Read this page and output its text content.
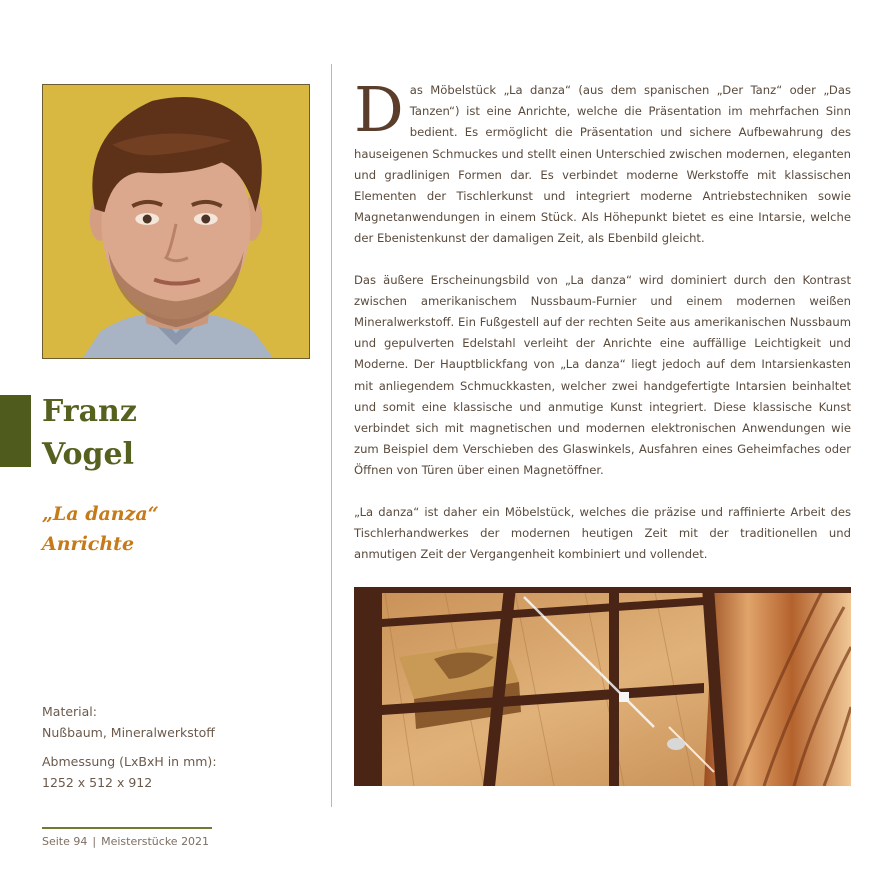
Franz
Vogel
„La danza“
Anrichte
Material:
Nußbaum, Mineralwerkstoff
Abmessung (LxBxH in mm):
1252 x 512 x 912
Seite 94 | Meisterstücke 2021

Das Möbelstück „La danza“ (aus dem spanischen „Der Tanz“ oder „Das Tanzen“) ist eine Anrichte, welche die Präsentation im mehrfachen Sinn bedient. Es ermöglicht die Präsentation und sichere Aufbewahrung des hauseigenen Schmuckes und stellt einen Unterschied zwischen modernen, eleganten und gradlinigen Formen dar. Es verbindet moderne Werkstoffe mit klassischen Elementen der Tischlerkunst und integriert moderne Antriebstechniken sowie Magnetanwendungen in einem Stück. Als Höhepunkt bietet es eine Intarsie, welche der Ebenistenkunst der damaligen Zeit, als Ebenbild gleicht.

Das äußere Erscheinungsbild von „La danza“ wird dominiert durch den Kontrast zwischen amerikanischem Nussbaum-Furnier und einem modernen weißen Mineralwerkstoff. Ein Fußgestell auf der rechten Seite aus amerikanischen Nussbaum und gepulverten Edelstahl verleiht der Anrichte eine auffällige Leichtigkeit und Moderne. Der Hauptblickfang von „La danza“ liegt jedoch auf dem Intarsienkasten mit anliegendem Schmuckkasten, welcher zwei handgefertigte Intarsien beinhaltet und somit eine klassische und anmutige Kunst integriert. Diese klassische Kunst verbindet sich mit magnetischen und modernen elektronischen Anwendungen wie zum Beispiel dem Verschieben des Glaswinkels, Ausfahren eines Geheimfaches oder Öffnen von Türen über einen Magnetöffner.

„La danza“ ist daher ein Möbelstück, welches die präzise und raffinierte Arbeit des Tischlerhandwerkes der modernen heutigen Zeit mit der traditionellen und anmutigen Zeit der Vergangenheit kombiniert und vollendet.
